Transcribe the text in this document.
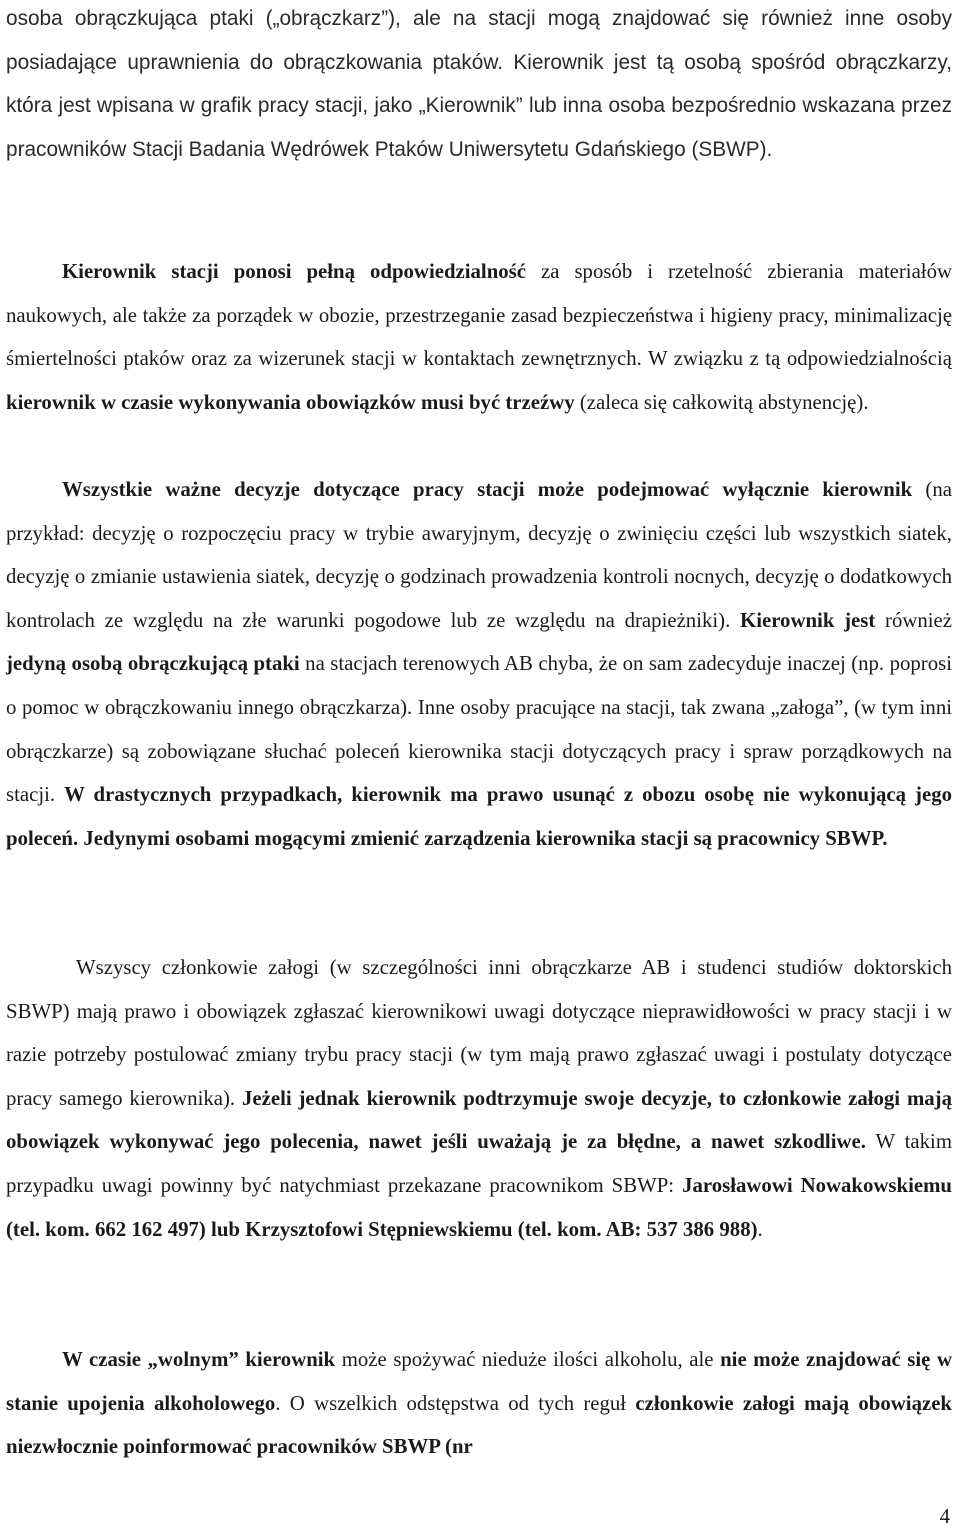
osoba obrączkująca ptaki („obrączkarz”), ale na stacji mogą znajdować się również inne osoby posiadające uprawnienia do obrączkowania ptaków. Kierownik jest tą osobą spośród obrączkarzy, która jest wpisana w grafik pracy stacji, jako „Kierownik” lub inna osoba bezpośrednio wskazana przez pracowników Stacji Badania Wędrówek Ptaków Uniwersytetu Gdańskiego (SBWP).

Kierownik stacji ponosi pełną odpowiedzialność za sposób i rzetelność zbierania materiałów naukowych, ale także za porządek w obozie, przestrzeganie zasad bezpieczeństwa i higieny pracy, minimalizację śmiertelności ptaków oraz za wizerunek stacji w kontaktach zewnętrznych. W związku z tą odpowiedzialnością kierownik w czasie wykonywania obowiązków musi być trzeźwy (zaleca się całkowitą abstynencję).

Wszystkie ważne decyzje dotyczące pracy stacji może podejmować wyłącznie kierownik (na przykład: decyzję o rozpoczęciu pracy w trybie awaryjnym, decyzję o zwinięciu części lub wszystkich siatek, decyzję o zmianie ustawienia siatek, decyzję o godzinach prowadzenia kontroli nocnych, decyzję o dodatkowych kontrolach ze względu na złe warunki pogodowe lub ze względu na drapieżniki). Kierownik jest również jedyną osobą obrączkującą ptaki na stacjach terenowych AB chyba, że on sam zadecyduje inaczej (np. poprosi o pomoc w obrączkowaniu innego obrączkarza). Inne osoby pracujące na stacji, tak zwana „załoga”, (w tym inni obrączkarze) są zobowiązane słuchać poleceń kierownika stacji dotyczących pracy i spraw porządkowych na stacji. W drastycznych przypadkach, kierownik ma prawo usunąć z obozu osobę nie wykonującą jego poleceń. Jedynymi osobami mogącymi zmienić zarządzenia kierownika stacji są pracownicy SBWP.

Wszyscy członkowie załogi (w szczególności inni obrączkarze AB i studenci studiów doktorskich SBWP) mają prawo i obowiązek zgłaszać kierownikowi uwagi dotyczące nieprawidłowości w pracy stacji i w razie potrzeby postulować zmiany trybu pracy stacji (w tym mają prawo zgłaszać uwagi i postulaty dotyczące pracy samego kierownika). Jeżeli jednak kierownik podtrzymuje swoje decyzje, to członkowie załogi mają obowiązek wykonywać jego polecenia, nawet jeśli uważają je za błędne, a nawet szkodliwe. W takim przypadku uwagi powinny być natychmiast przekazane pracownikom SBWP: Jarosławowi Nowakowskiemu (tel. kom. 662 162 497) lub Krzysztofowi Stępniewskiemu (tel. kom. AB: 537 386 988).

W czasie „wolnym” kierownik może spożywać nieduże ilości alkoholu, ale nie może znajdować się w stanie upojenia alkoholowego. O wszelkich odstępstwa od tych reguł członkowie załogi mają obowiązek niezwłocznie poinformować pracowników SBWP (nr

4
